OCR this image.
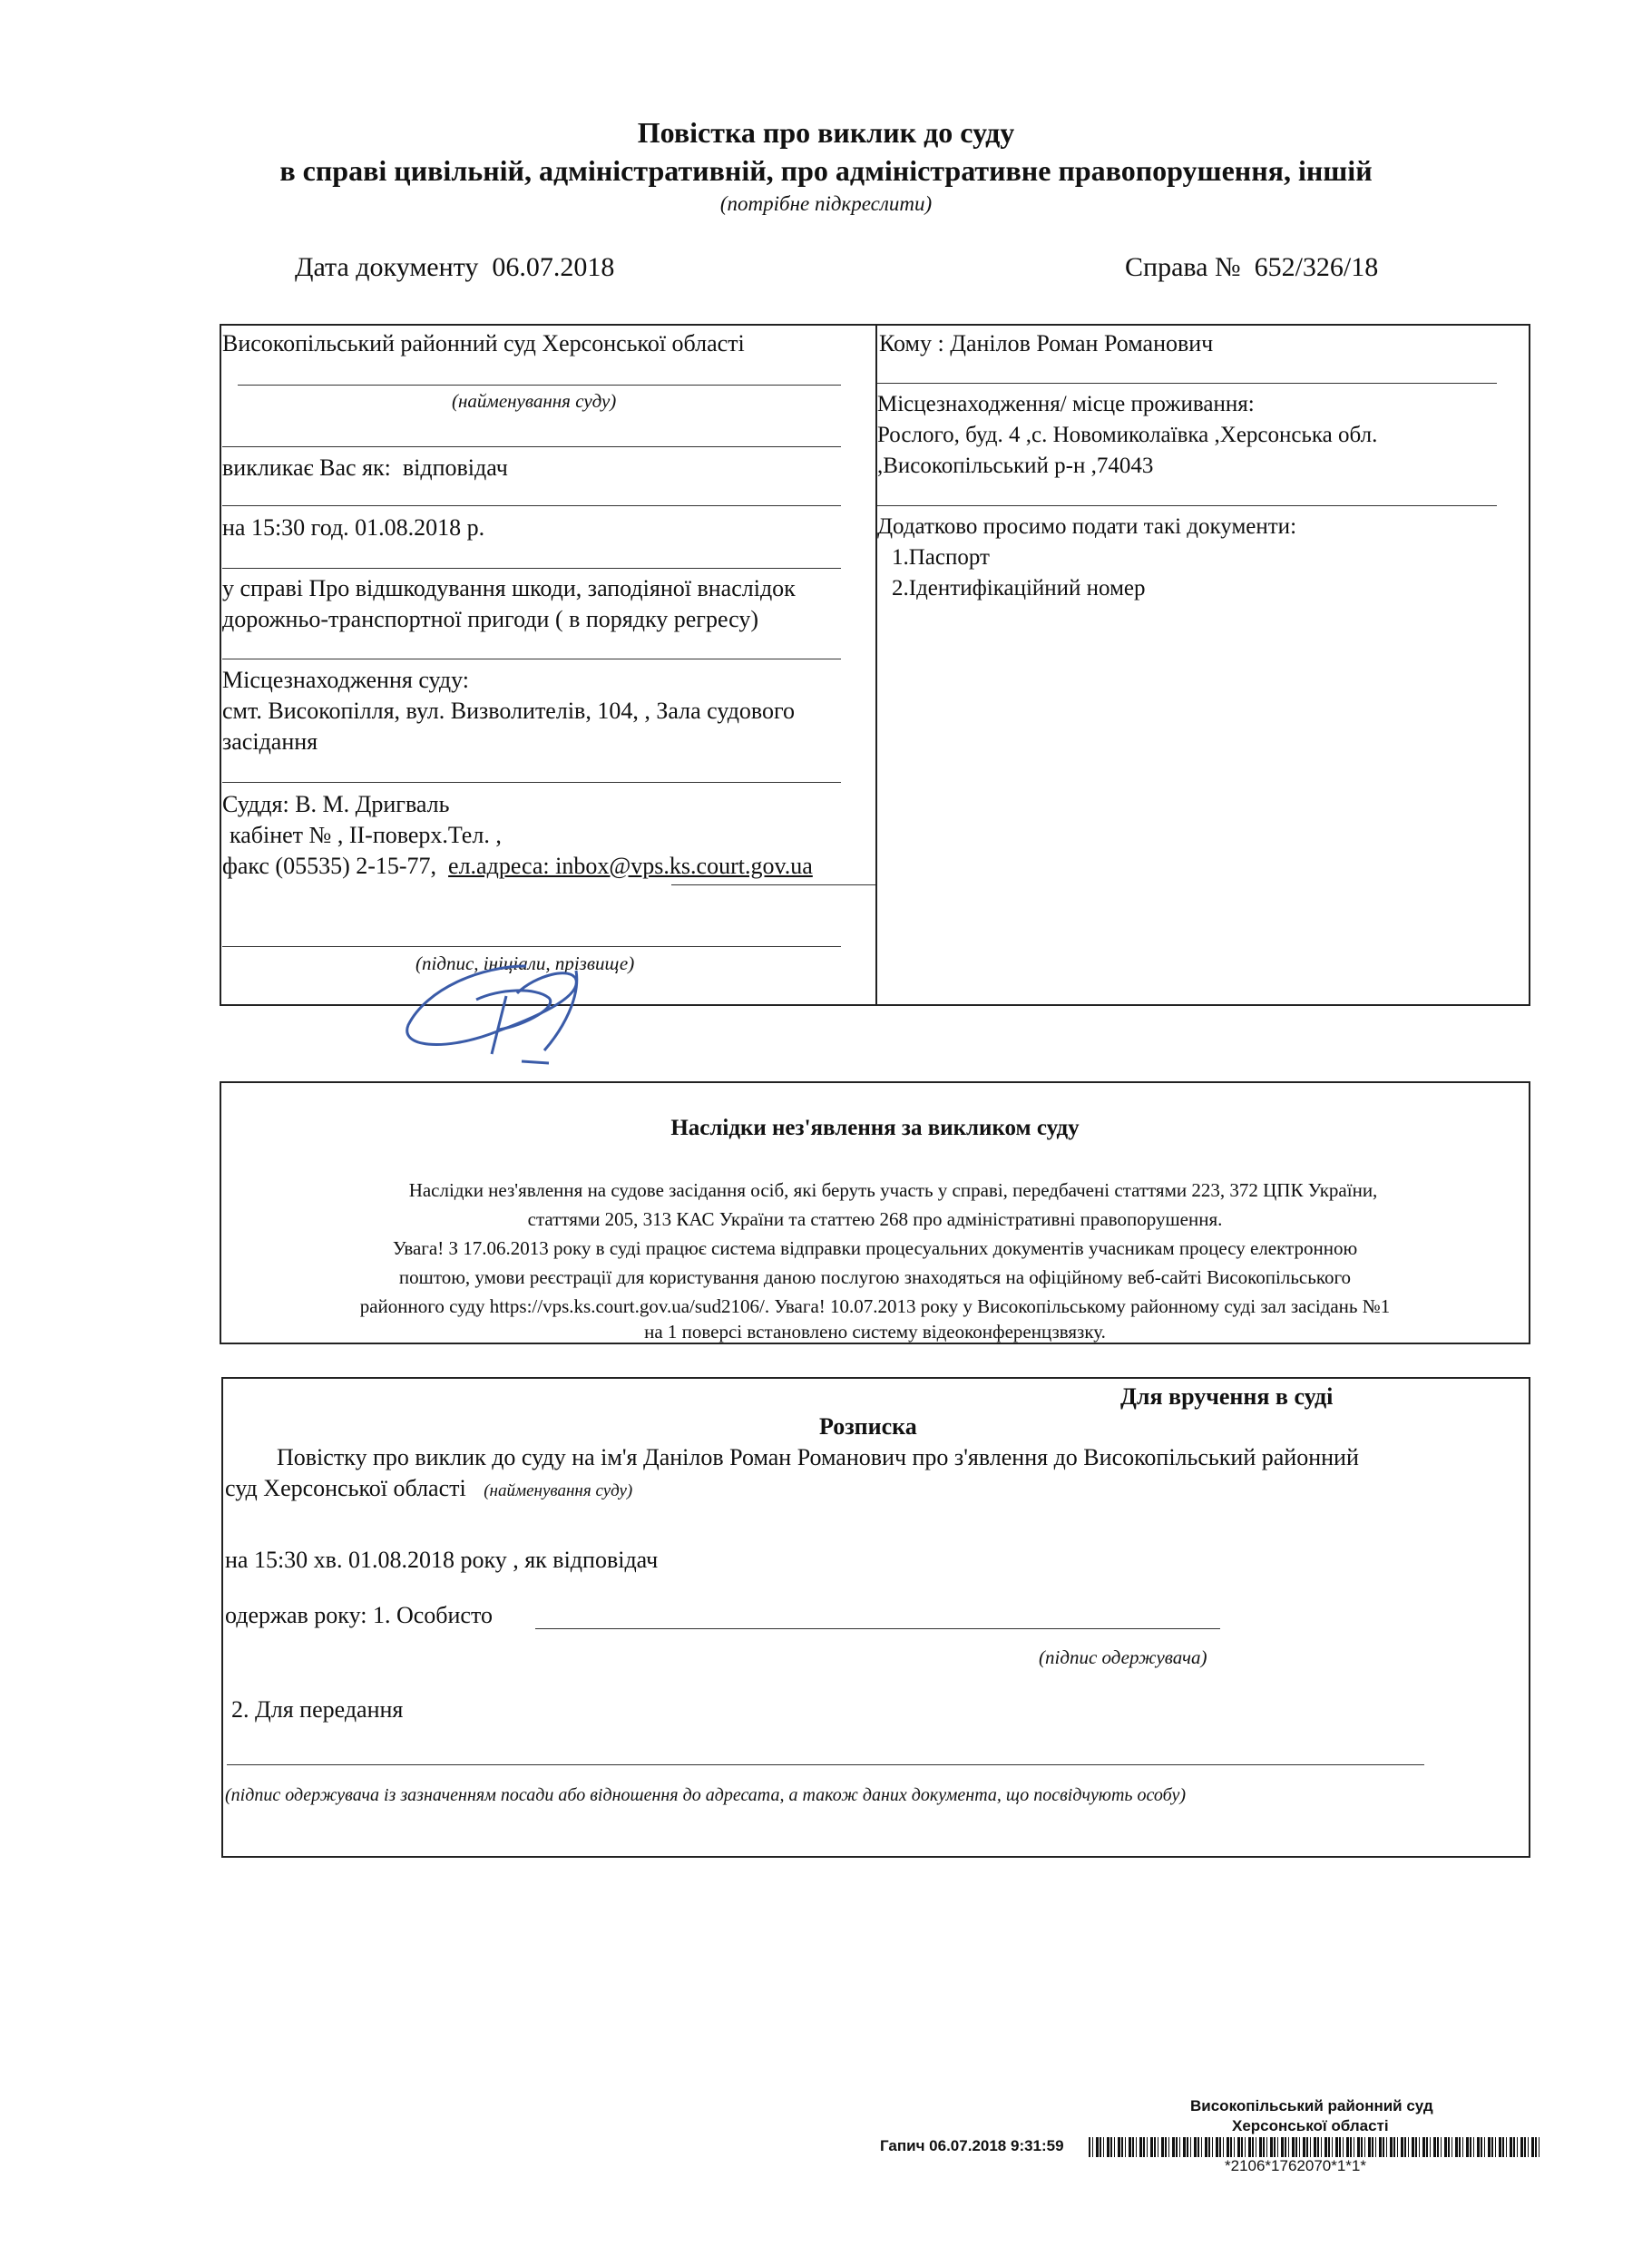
Повістка про виклик до суду
в справі цивільній, адміністративній, про адміністративне правопорушення, іншій
(потрібне підкреслити)
Дата документу 06.07.2018	Справа № 652/326/18
Високопільський районний суд Херсонської області
(найменування суду)
викликає Вас як: відповідач
на 15:30 год. 01.08.2018 р.
у справі Про відшкодування шкоди, заподіяної внаслідок
дорожньо-транспортної пригоди ( в порядку регресу)
Місцезнаходження суду:
смт. Високопілля, вул. Визволителів, 104, , Зала судового
засідання
Суддя: В. М. Дригваль
кабінет № , II-поверх.Тел. ,
факс (05535) 2-15-77, ел.адреса: inbox@vps.ks.court.gov.ua
(підпис, ініціали, прізвище)
Кому : Данілов Роман Романович
Місцезнаходження/ місце проживання:
Рослого, буд. 4 ,с. Новомиколаївка ,Херсонська обл.
,Високопільський р-н ,74043
Додатково просимо подати такі документи:
1.Паспорт
2.Ідентифікаційний номер
Наслідки нез'явлення за викликом суду
Наслідки нез'явлення на судове засідання осіб, які беруть участь у справі, передбачені статтями 223, 372 ЦПК України,
статтями 205, 313 КАС України та статтею 268 про адміністративні правопорушення.
Увага! З 17.06.2013 року в суді працює система відправки процесуальних документів учасникам процесу електронною
поштою, умови реєстрації для користування даною послугою знаходяться на офіційному веб-сайті Високопільського
районного суду https://vps.ks.court.gov.ua/sud2106/. Увага! 10.07.2013 року у Високопільському районному суді зал засідань №1
на 1 поверсі встановлено систему відеоконференцзвязку.
Для вручення в суді
Розписка
Повістку про виклик до суду на ім'я Данілов Роман Романович про з'явлення до Високопільський районний
суд Херсонської області (найменування суду)
на 15:30 хв. 01.08.2018 року , як відповідач
одержав року: 1. Особисто
(підпис одержувача)
2. Для передання
(підпис одержувача із зазначенням посади або відношення до адресата, а також даних документа, що посвідчують особу)
Високопільський районний суд
Херсонської області
Гапич 06.07.2018 9:31:59
*2106*1762070*1*1*
